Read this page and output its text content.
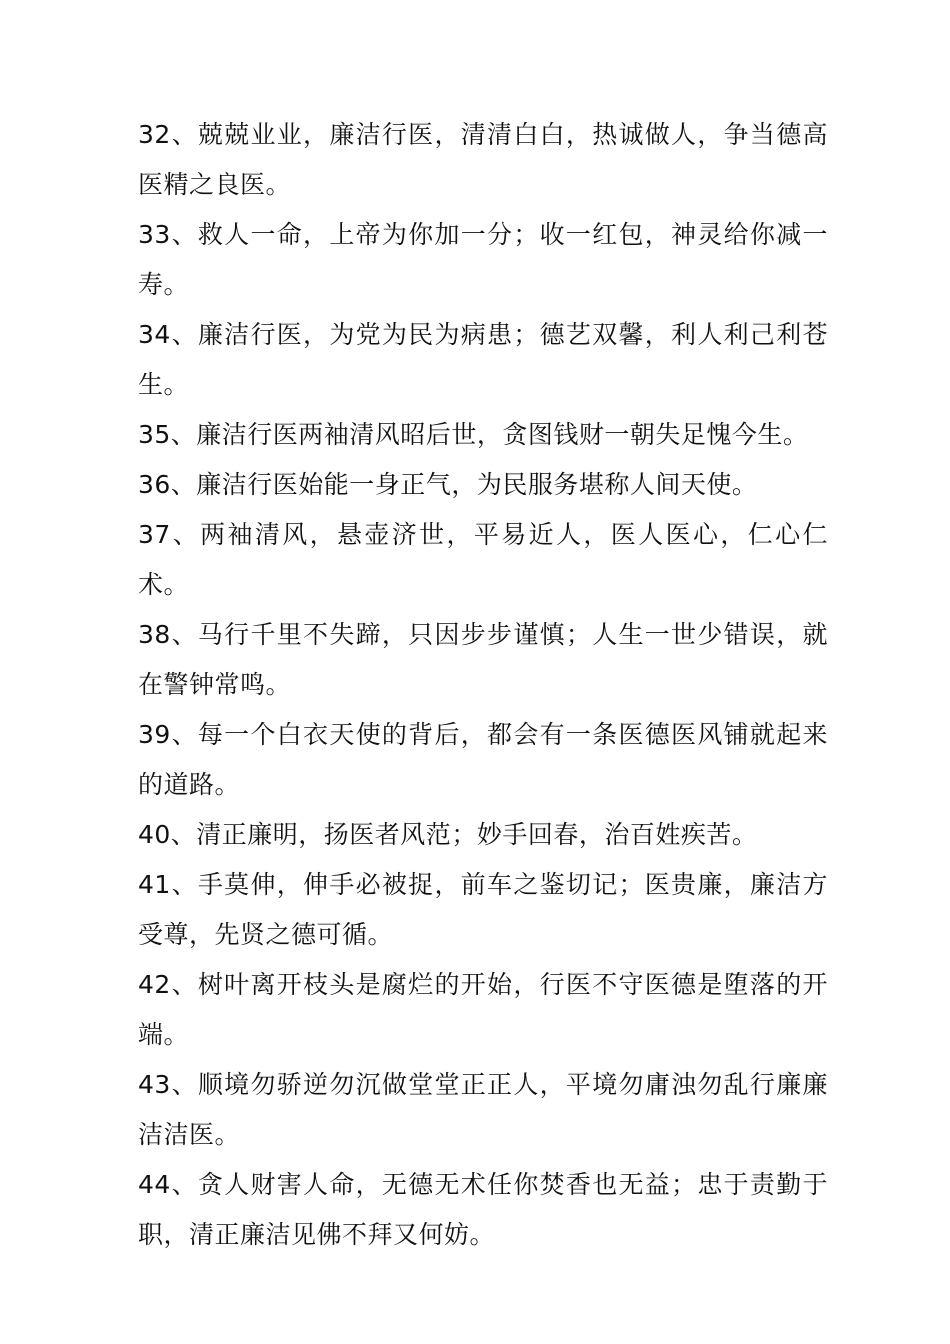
32、兢兢业业，廉洁行医，清清白白，热诚做人，争当德高医精之良医。

33、救人一命，上帝为你加一分；收一红包，神灵给你减一寿。

34、廉洁行医，为党为民为病患；德艺双馨，利人利己利苍生。

35、廉洁行医两袖清风昭后世，贪图钱财一朝失足愧今生。

36、廉洁行医始能一身正气，为民服务堪称人间天使。

37、两袖清风，悬壶济世，平易近人，医人医心，仁心仁术。

38、马行千里不失蹄，只因步步谨慎；人生一世少错误，就在警钟常鸣。

39、每一个白衣天使的背后，都会有一条医德医风铺就起来的道路。

40、清正廉明，扬医者风范；妙手回春，治百姓疾苦。

41、手莫伸，伸手必被捉，前车之鉴切记；医贵廉，廉洁方受尊，先贤之德可循。

42、树叶离开枝头是腐烂的开始，行医不守医德是堕落的开端。

43、顺境勿骄逆勿沉做堂堂正正人，平境勿庸浊勿乱行廉廉洁洁医。

44、贪人财害人命，无德无术任你焚香也无益；忠于责勤于职，清正廉洁见佛不拜又何妨。
